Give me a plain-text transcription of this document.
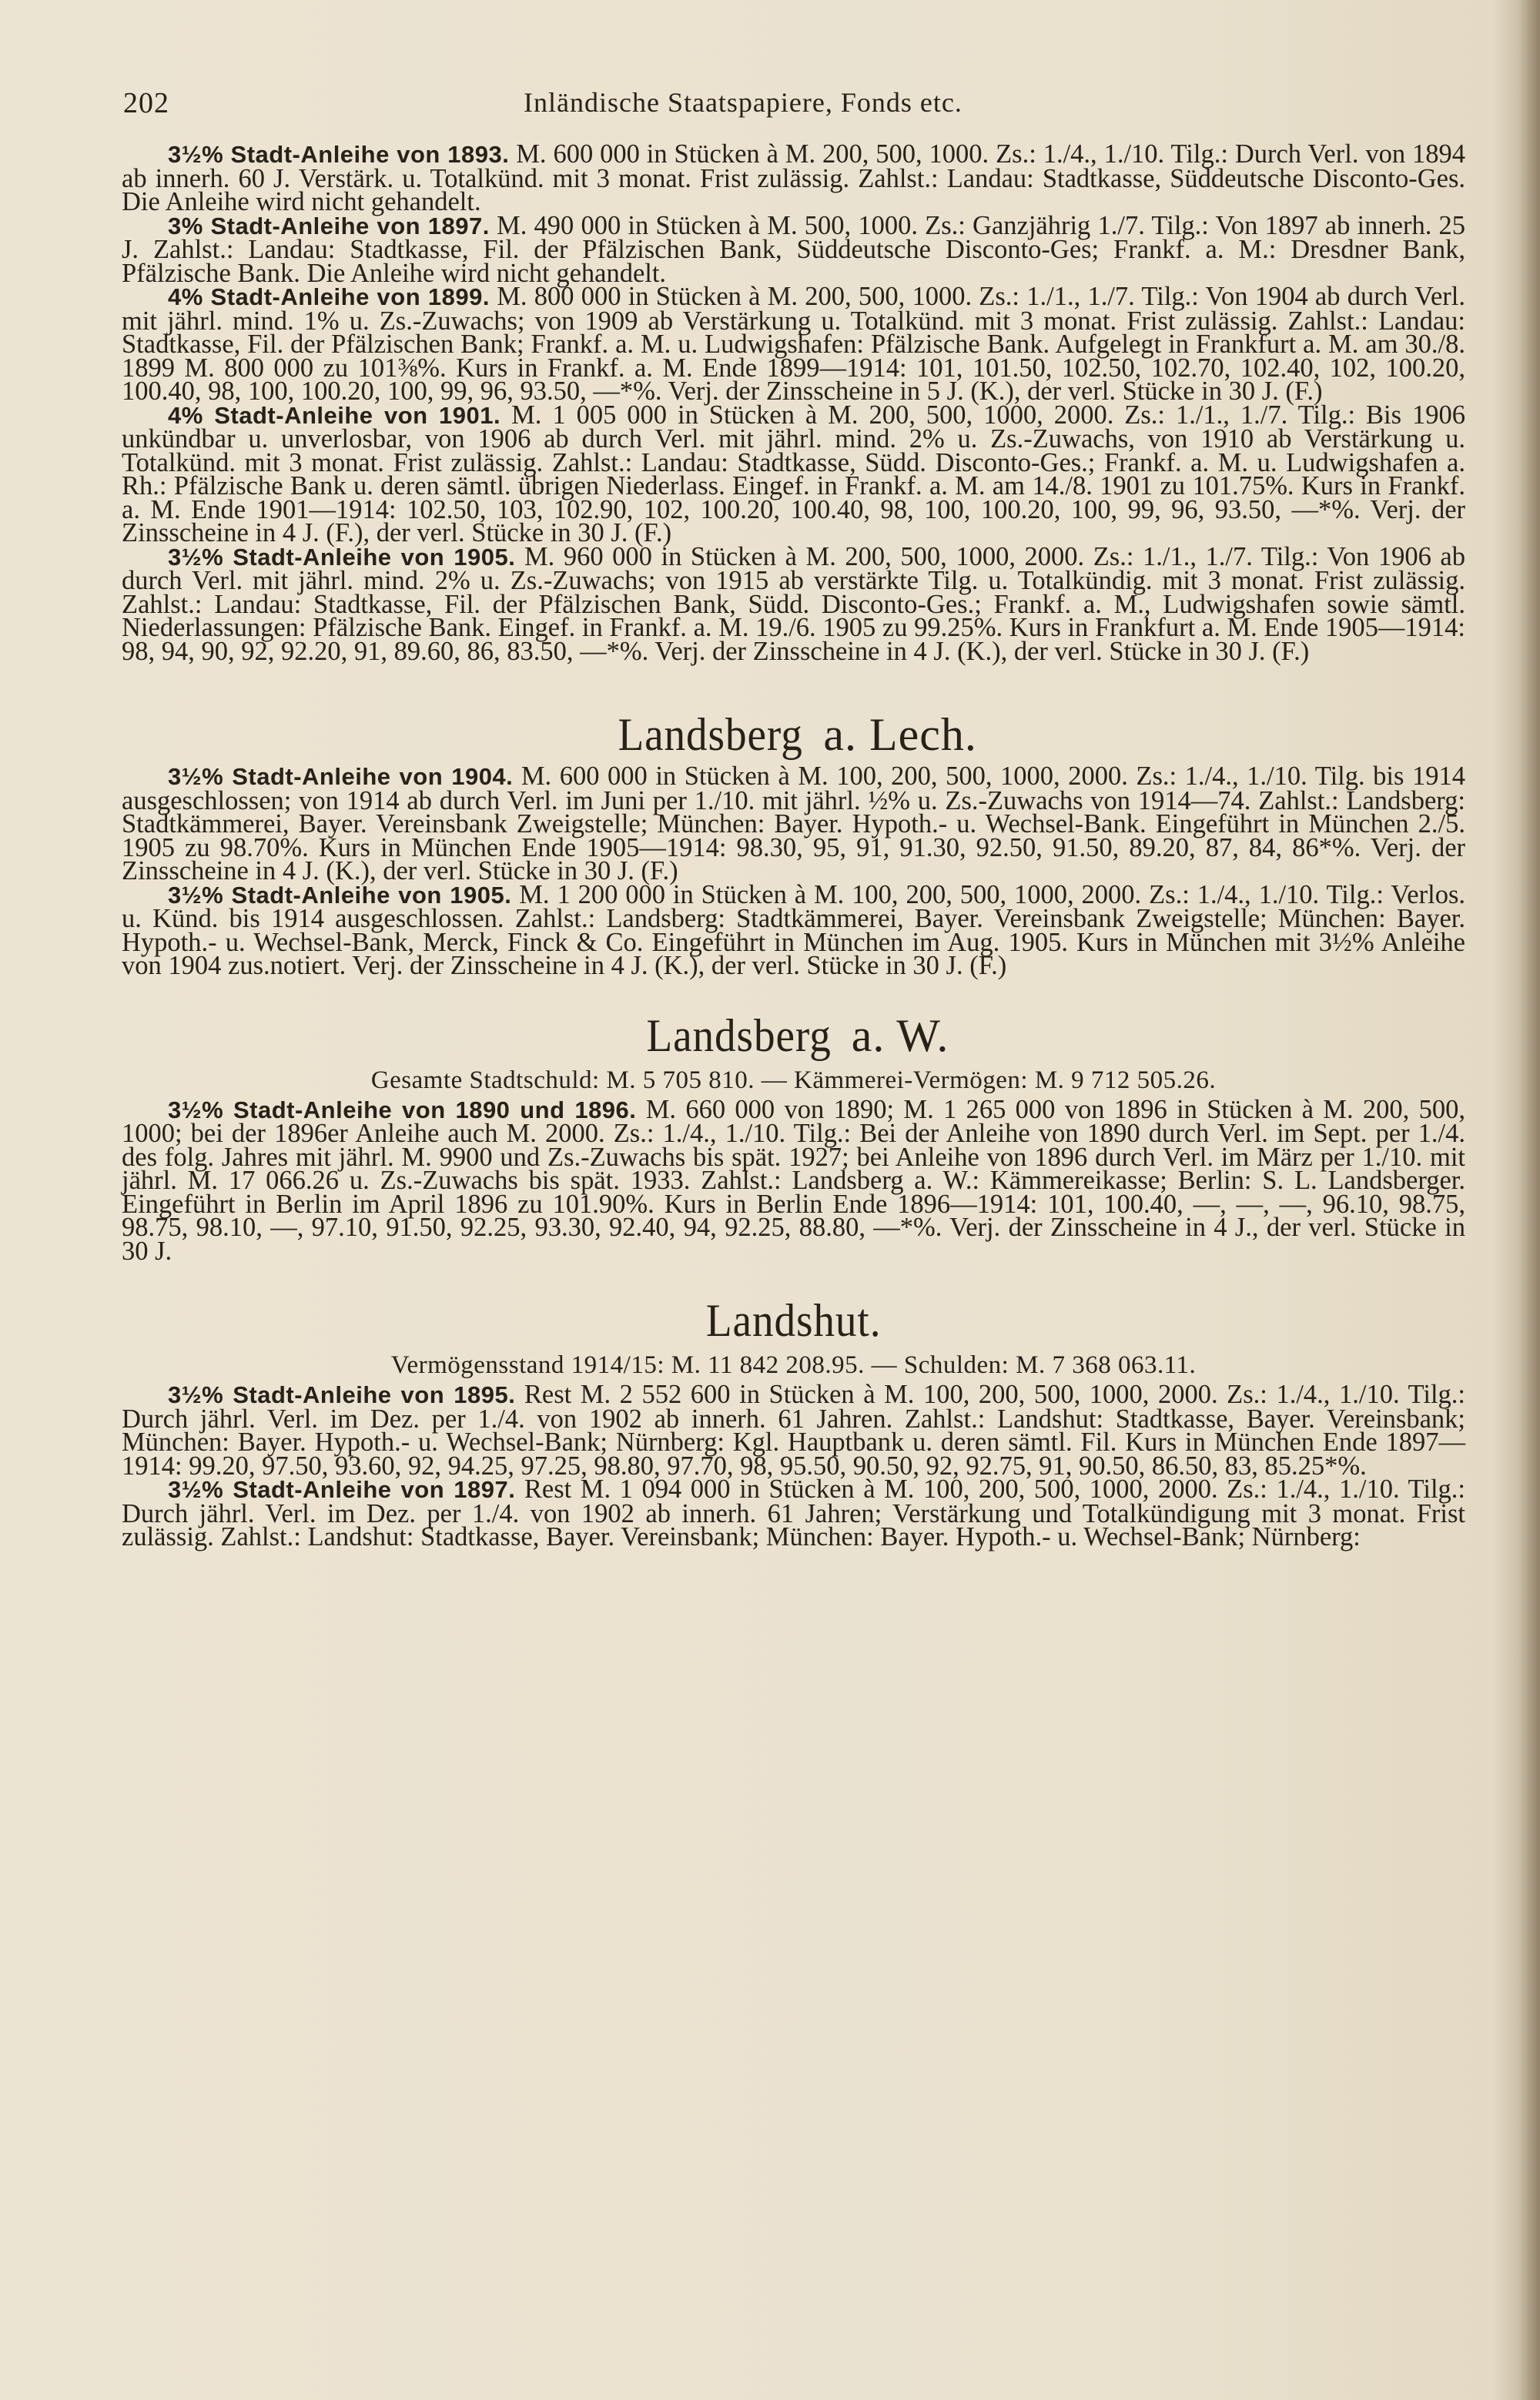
202	Inländische Staatspapiere, Fonds etc.

3½% Stadt-Anleihe von 1893. M. 600 000 in Stücken à M. 200, 500, 1000. Zs.: 1./4., 1./10. Tilg.: Durch Verl. von 1894 ab innerh. 60 J. Verstärk. u. Totalkünd. mit 3 monat. Frist zulässig. Zahlst.: Landau: Stadtkasse, Süddeutsche Disconto-Ges. Die Anleihe wird nicht gehandelt.

3% Stadt-Anleihe von 1897. M. 490 000 in Stücken à M. 500, 1000. Zs.: Ganzjährig 1./7. Tilg.: Von 1897 ab innerh. 25 J. Zahlst.: Landau: Stadtkasse, Fil. der Pfälzischen Bank, Süddeutsche Disconto-Ges; Frankf. a. M.: Dresdner Bank, Pfälzische Bank. Die Anleihe wird nicht gehandelt.

4% Stadt-Anleihe von 1899. M. 800 000 in Stücken à M. 200, 500, 1000. Zs.: 1./1., 1./7. Tilg.: Von 1904 ab durch Verl. mit jährl. mind. 1% u. Zs.-Zuwachs; von 1909 ab Verstärkung u. Totalkünd. mit 3 monat. Frist zulässig. Zahlst.: Landau: Stadtkasse, Fil. der Pfälzischen Bank; Frankf. a. M. u. Ludwigshafen: Pfälzische Bank. Aufgelegt in Frankfurt a. M. am 30./8. 1899 M. 800 000 zu 101⅜%. Kurs in Frankf. a. M. Ende 1899—1914: 101, 101.50, 102.50, 102.70, 102.40, 102, 100.20, 100.40, 98, 100, 100.20, 100, 99, 96, 93.50, —*%. Verj. der Zinsscheine in 5 J. (K.), der verl. Stücke in 30 J. (F.)

4% Stadt-Anleihe von 1901. M. 1 005 000 in Stücken à M. 200, 500, 1000, 2000. Zs.: 1./1., 1./7. Tilg.: Bis 1906 unkündbar u. unverlosbar, von 1906 ab durch Verl. mit jährl. mind. 2% u. Zs.-Zuwachs, von 1910 ab Verstärkung u. Totalkünd. mit 3 monat. Frist zulässig. Zahlst.: Landau: Stadtkasse, Südd. Disconto-Ges.; Frankf. a. M. u. Ludwigshafen a. Rh.: Pfälzische Bank u. deren sämtl. übrigen Niederlass. Eingef. in Frankf. a. M. am 14./8. 1901 zu 101.75%. Kurs in Frankf. a. M. Ende 1901—1914: 102.50, 103, 102.90, 102, 100.20, 100.40, 98, 100, 100.20, 100, 99, 96, 93.50, —*%. Verj. der Zinsscheine in 4 J. (F.), der verl. Stücke in 30 J. (F.)

3½% Stadt-Anleihe von 1905. M. 960 000 in Stücken à M. 200, 500, 1000, 2000. Zs.: 1./1., 1./7. Tilg.: Von 1906 ab durch Verl. mit jährl. mind. 2% u. Zs.-Zuwachs; von 1915 ab verstärkte Tilg. u. Totalkündig. mit 3 monat. Frist zulässig. Zahlst.: Landau: Stadtkasse, Fil. der Pfälzischen Bank, Südd. Disconto-Ges.; Frankf. a. M., Ludwigshafen sowie sämtl. Niederlassungen: Pfälzische Bank. Eingef. in Frankf. a. M. 19./6. 1905 zu 99.25%. Kurs in Frankfurt a. M. Ende 1905—1914: 98, 94, 90, 92, 92.20, 91, 89.60, 86, 83.50, —*%. Verj. der Zinsscheine in 4 J. (K.), der verl. Stücke in 30 J. (F.)

Landsberg a. Lech.

3½% Stadt-Anleihe von 1904. M. 600 000 in Stücken à M. 100, 200, 500, 1000, 2000. Zs.: 1./4., 1./10. Tilg. bis 1914 ausgeschlossen; von 1914 ab durch Verl. im Juni per 1./10. mit jährl. ½% u. Zs.-Zuwachs von 1914—74. Zahlst.: Landsberg: Stadtkämmerei, Bayer. Vereinsbank Zweigstelle; München: Bayer. Hypoth.- u. Wechsel-Bank. Eingeführt in München 2./5. 1905 zu 98.70%. Kurs in München Ende 1905—1914: 98.30, 95, 91, 91.30, 92.50, 91.50, 89.20, 87, 84, 86*%. Verj. der Zinsscheine in 4 J. (K.), der verl. Stücke in 30 J. (F.)

3½% Stadt-Anleihe von 1905. M. 1 200 000 in Stücken à M. 100, 200, 500, 1000, 2000. Zs.: 1./4., 1./10. Tilg.: Verlos. u. Künd. bis 1914 ausgeschlossen. Zahlst.: Landsberg: Stadtkämmerei, Bayer. Vereinsbank Zweigstelle; München: Bayer. Hypoth.- u. Wechsel-Bank, Merck, Finck & Co. Eingeführt in München im Aug. 1905. Kurs in München mit 3½% Anleihe von 1904 zus.notiert. Verj. der Zinsscheine in 4 J. (K.), der verl. Stücke in 30 J. (F.)

Landsberg a. W.
Gesamte Stadtschuld: M. 5 705 810. — Kämmerei-Vermögen: M. 9 712 505.26.

3½% Stadt-Anleihe von 1890 und 1896. M. 660 000 von 1890; M. 1 265 000 von 1896 in Stücken à M. 200, 500, 1000; bei der 1896er Anleihe auch M. 2000. Zs.: 1./4., 1./10. Tilg.: Bei der Anleihe von 1890 durch Verl. im Sept. per 1./4. des folg. Jahres mit jährl. M. 9900 und Zs.-Zuwachs bis spät. 1927; bei Anleihe von 1896 durch Verl. im März per 1./10. mit jährl. M. 17 066.26 u. Zs.-Zuwachs bis spät. 1933. Zahlst.: Landsberg a. W.: Kämmereikasse; Berlin: S. L. Landsberger. Eingeführt in Berlin im April 1896 zu 101.90%. Kurs in Berlin Ende 1896—1914: 101, 100.40, —, —, —, 96.10, 98.75, 98.75, 98.10, —, 97.10, 91.50, 92.25, 93.30, 92.40, 94, 92.25, 88.80, —*%. Verj. der Zinsscheine in 4 J., der verl. Stücke in 30 J.

Landshut.
Vermögensstand 1914/15: M. 11 842 208.95. — Schulden: M. 7 368 063.11.

3½% Stadt-Anleihe von 1895. Rest M. 2 552 600 in Stücken à M. 100, 200, 500, 1000, 2000. Zs.: 1./4., 1./10. Tilg.: Durch jährl. Verl. im Dez. per 1./4. von 1902 ab innerh. 61 Jahren. Zahlst.: Landshut: Stadtkasse, Bayer. Vereinsbank; München: Bayer. Hypoth.- u. Wechsel-Bank; Nürnberg: Kgl. Hauptbank u. deren sämtl. Fil. Kurs in München Ende 1897—1914: 99.20, 97.50, 93.60, 92, 94.25, 97.25, 98.80, 97.70, 98, 95.50, 90.50, 92, 92.75, 91, 90.50, 86.50, 83, 85.25*%.

3½% Stadt-Anleihe von 1897. Rest M. 1 094 000 in Stücken à M. 100, 200, 500, 1000, 2000. Zs.: 1./4., 1./10. Tilg.: Durch jährl. Verl. im Dez. per 1./4. von 1902 ab innerh. 61 Jahren; Verstärkung und Totalkündigung mit 3 monat. Frist zulässig. Zahlst.: Landshut: Stadtkasse, Bayer. Vereinsbank; München: Bayer. Hypoth.- u. Wechsel-Bank; Nürnberg:
